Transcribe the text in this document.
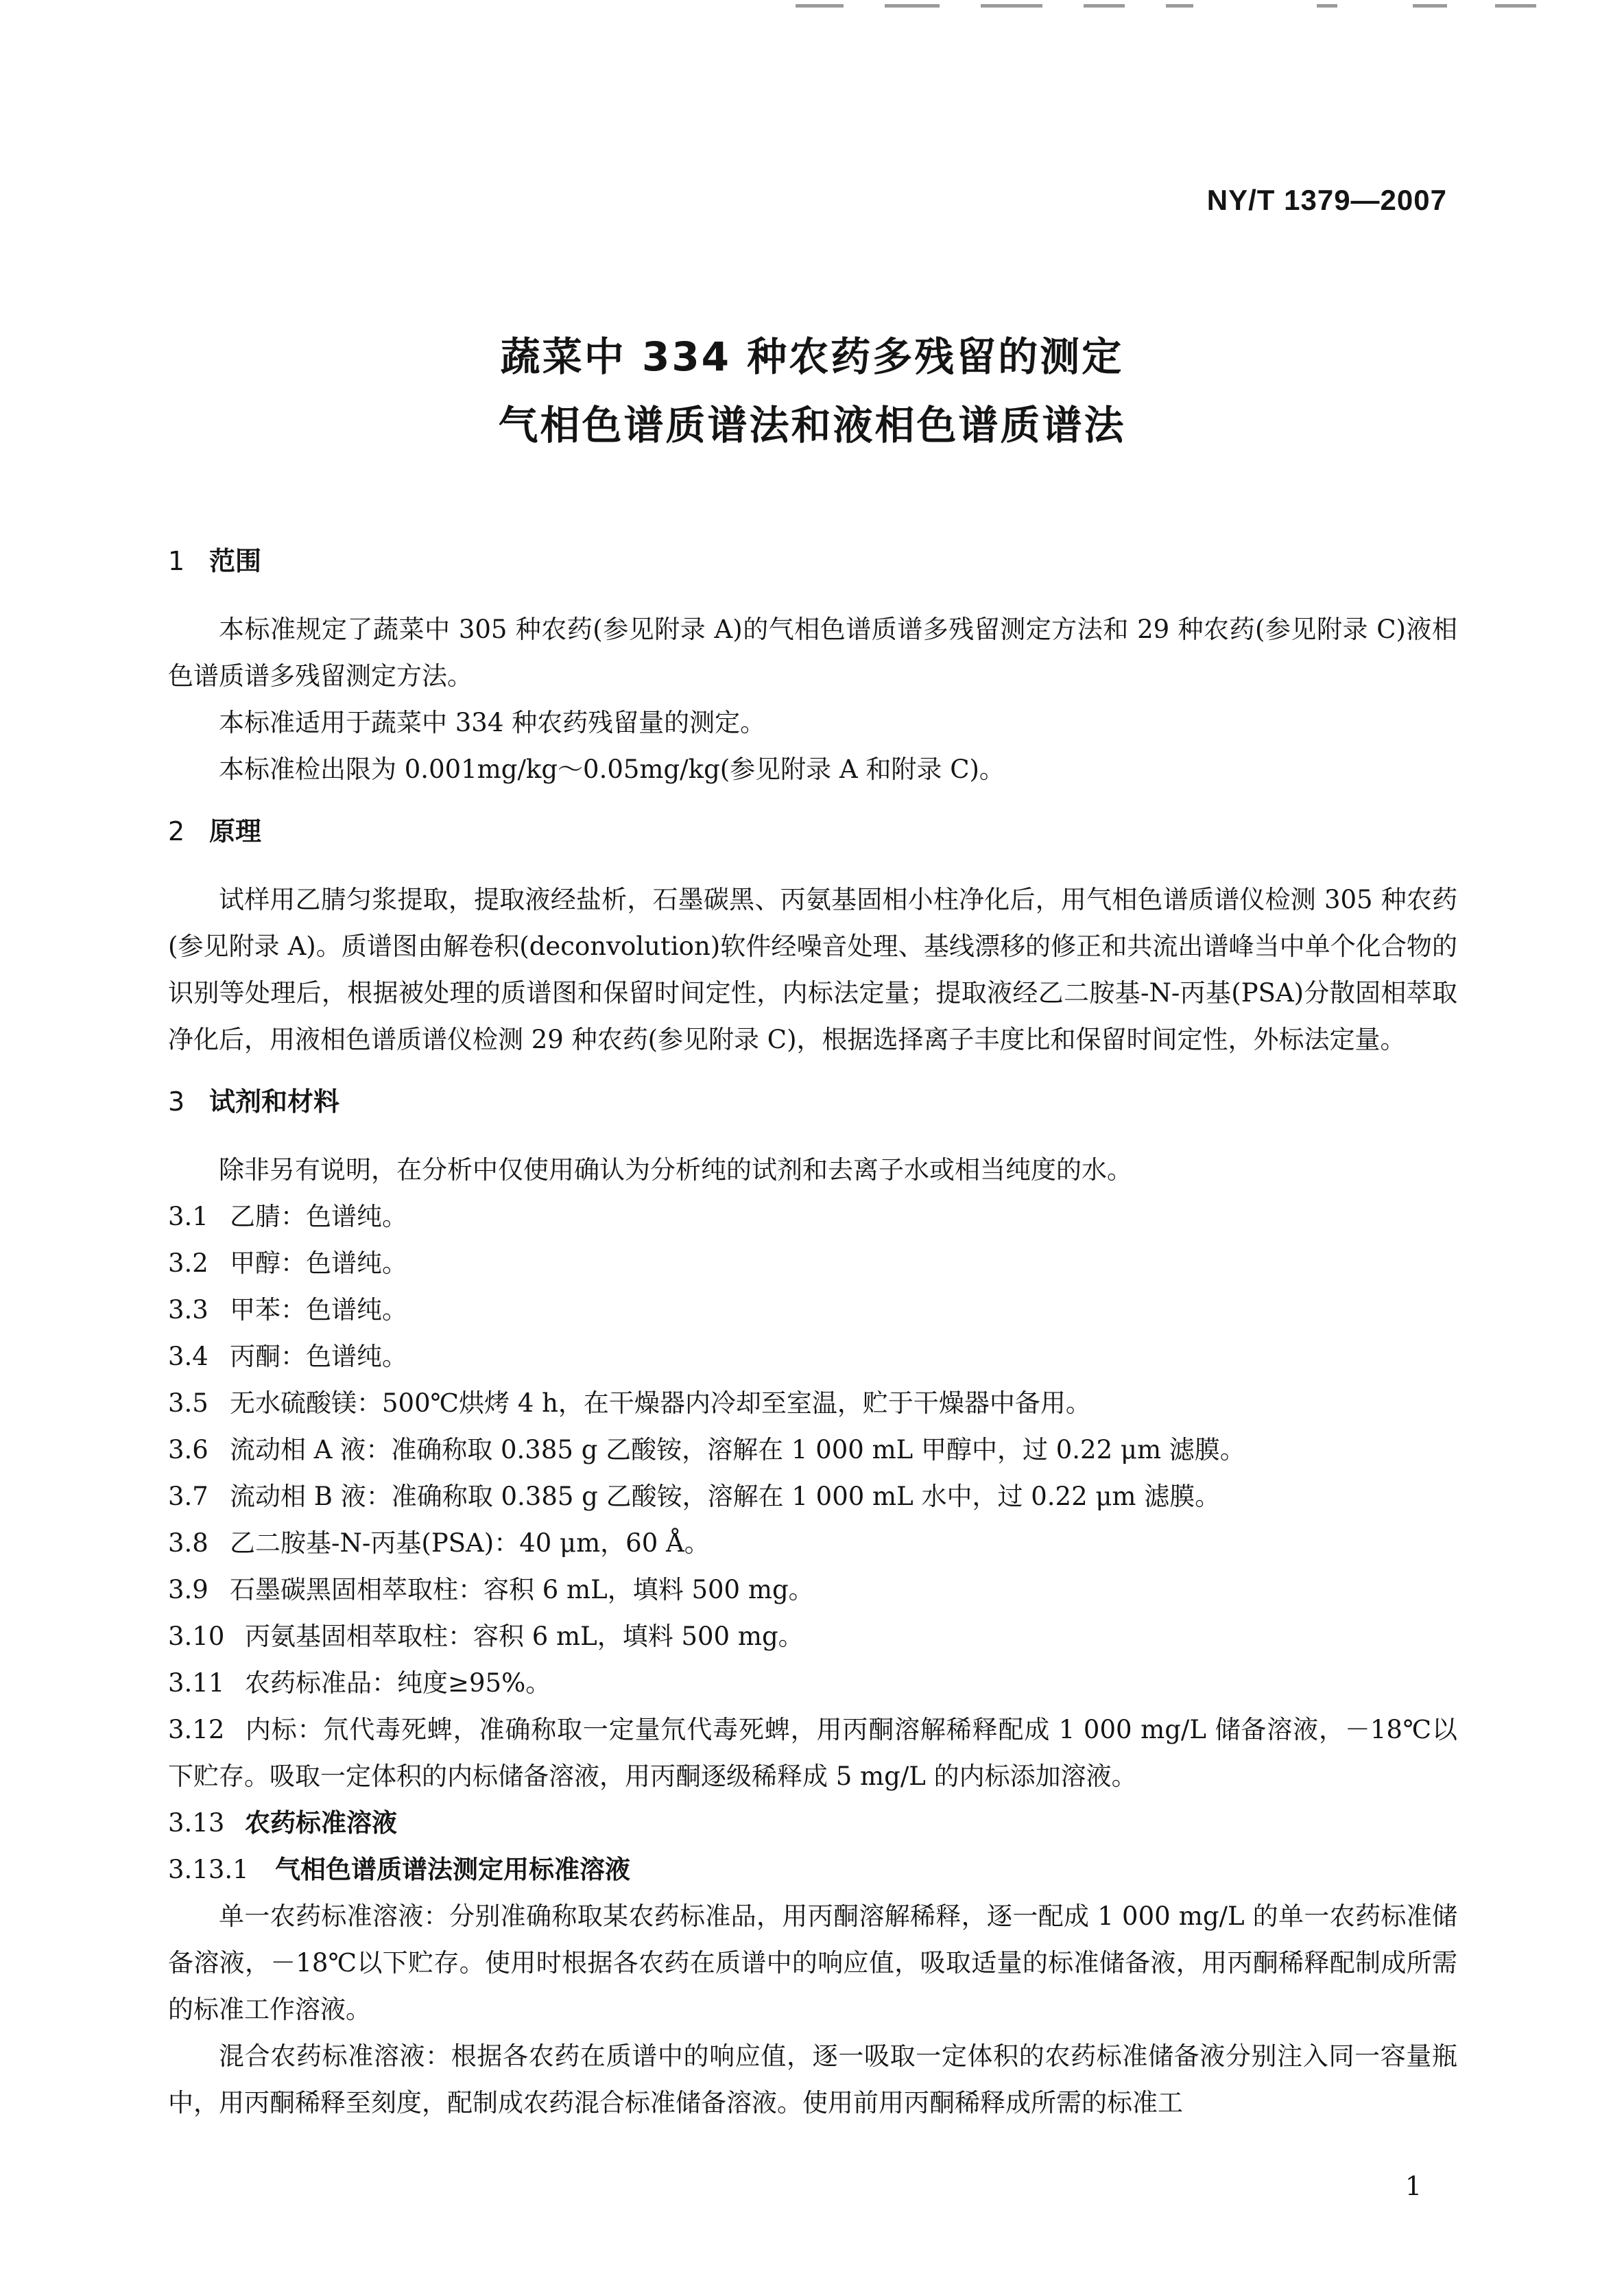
NY/T 1379—2007
蔬菜中 334 种农药多残留的测定
气相色谱质谱法和液相色谱质谱法
1 范围
本标准规定了蔬菜中 305 种农药(参见附录 A)的气相色谱质谱多残留测定方法和 29 种农药(参见附录 C)液相色谱质谱多残留测定方法。
本标准适用于蔬菜中 334 种农药残留量的测定。
本标准检出限为 0.001mg/kg～0.05mg/kg(参见附录 A 和附录 C)。
2 原理
试样用乙腈匀浆提取，提取液经盐析，石墨碳黑、丙氨基固相小柱净化后，用气相色谱质谱仪检测 305 种农药(参见附录 A)。质谱图由解卷积(deconvolution)软件经噪音处理、基线漂移的修正和共流出谱峰当中单个化合物的识别等处理后，根据被处理的质谱图和保留时间定性，内标法定量；提取液经乙二胺基-N-丙基(PSA)分散固相萃取净化后，用液相色谱质谱仪检测 29 种农药(参见附录 C)，根据选择离子丰度比和保留时间定性，外标法定量。
3 试剂和材料
除非另有说明，在分析中仅使用确认为分析纯的试剂和去离子水或相当纯度的水。
3.1 乙腈：色谱纯。
3.2 甲醇：色谱纯。
3.3 甲苯：色谱纯。
3.4 丙酮：色谱纯。
3.5 无水硫酸镁：500℃烘烤 4 h，在干燥器内冷却至室温，贮于干燥器中备用。
3.6 流动相 A 液：准确称取 0.385 g 乙酸铵，溶解在 1 000 mL 甲醇中，过 0.22 μm 滤膜。
3.7 流动相 B 液：准确称取 0.385 g 乙酸铵，溶解在 1 000 mL 水中，过 0.22 μm 滤膜。
3.8 乙二胺基-N-丙基(PSA)：40 μm，60 Å。
3.9 石墨碳黑固相萃取柱：容积 6 mL，填料 500 mg。
3.10 丙氨基固相萃取柱：容积 6 mL，填料 500 mg。
3.11 农药标准品：纯度≥95%。
3.12 内标：氘代毒死蜱，准确称取一定量氘代毒死蜱，用丙酮溶解稀释配成 1 000 mg/L 储备溶液，－18℃以下贮存。吸取一定体积的内标储备溶液，用丙酮逐级稀释成 5 mg/L 的内标添加溶液。
3.13 农药标准溶液
3.13.1 气相色谱质谱法测定用标准溶液
单一农药标准溶液：分别准确称取某农药标准品，用丙酮溶解稀释，逐一配成 1 000 mg/L 的单一农药标准储备溶液，－18℃以下贮存。使用时根据各农药在质谱中的响应值，吸取适量的标准储备液，用丙酮稀释配制成所需的标准工作溶液。
混合农药标准溶液：根据各农药在质谱中的响应值，逐一吸取一定体积的农药标准储备液分别注入同一容量瓶中，用丙酮稀释至刻度，配制成农药混合标准储备溶液。使用前用丙酮稀释成所需的标准工
1
